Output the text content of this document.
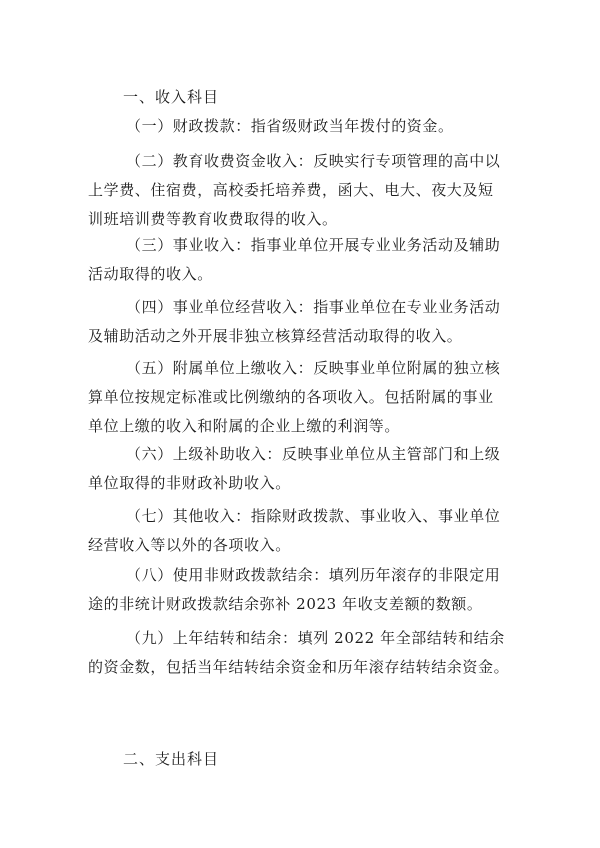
一、收入科目
（一）财政拨款：指省级财政当年拨付的资金。
（二）教育收费资金收入：反映实行专项管理的高中以
上学费、住宿费，高校委托培养费，函大、电大、夜大及短
训班培训费等教育收费取得的收入。
（三）事业收入：指事业单位开展专业业务活动及辅助
活动取得的收入。
（四）事业单位经营收入：指事业单位在专业业务活动
及辅助活动之外开展非独立核算经营活动取得的收入。
（五）附属单位上缴收入：反映事业单位附属的独立核
算单位按规定标准或比例缴纳的各项收入。包括附属的事业
单位上缴的收入和附属的企业上缴的利润等。
（六）上级补助收入：反映事业单位从主管部门和上级
单位取得的非财政补助收入。
（七）其他收入：指除财政拨款、事业收入、事业单位
经营收入等以外的各项收入。
（八）使用非财政拨款结余：填列历年滚存的非限定用
途的非统计财政拨款结余弥补 2023 年收支差额的数额。
（九）上年结转和结余：填列 2022 年全部结转和结余
的资金数，包括当年结转结余资金和历年滚存结转结余资金。
二、支出科目
